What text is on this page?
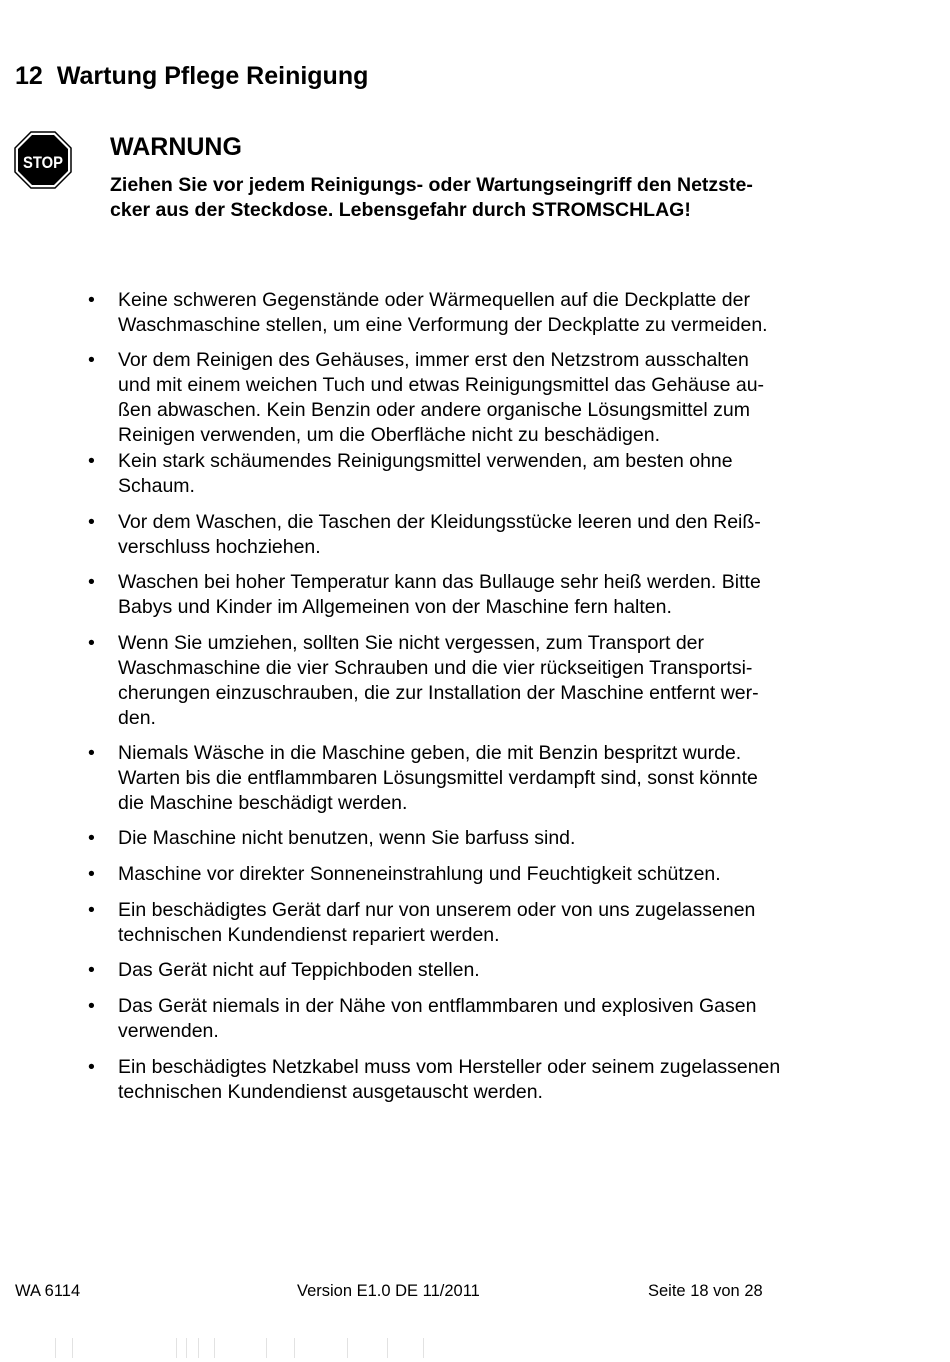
12 Wartung Pflege Reinigung
STOP
WARNUNG

Ziehen Sie vor jedem Reinigungs- oder Wartungseingriff den Netzste-
cker aus der Steckdose. Lebensgefahr durch STROMSCHLAG!

• Keine schweren Gegenstände oder Wärmequellen auf die Deckplatte der
Waschmaschine stellen, um eine Verformung der Deckplatte zu vermeiden.
• Vor dem Reinigen des Gehäuses, immer erst den Netzstrom ausschalten
und mit einem weichen Tuch und etwas Reinigungsmittel das Gehäuse au-
ßen abwaschen. Kein Benzin oder andere organische Lösungsmittel zum
Reinigen verwenden, um die Oberfläche nicht zu beschädigen.
• Kein stark schäumendes Reinigungsmittel verwenden, am besten ohne
Schaum.
• Vor dem Waschen, die Taschen der Kleidungsstücke leeren und den Reiß-
verschluss hochziehen.
• Waschen bei hoher Temperatur kann das Bullauge sehr heiß werden. Bitte
Babys und Kinder im Allgemeinen von der Maschine fern halten.
• Wenn Sie umziehen, sollten Sie nicht vergessen, zum Transport der
Waschmaschine die vier Schrauben und die vier rückseitigen Transportsi-
cherungen einzuschrauben, die zur Installation der Maschine entfernt wer-
den.
• Niemals Wäsche in die Maschine geben, die mit Benzin bespritzt wurde.
Warten bis die entflammbaren Lösungsmittel verdampft sind, sonst könnte
die Maschine beschädigt werden.
• Die Maschine nicht benutzen, wenn Sie barfuss sind.
• Maschine vor direkter Sonneneinstrahlung und Feuchtigkeit schützen.
• Ein beschädigtes Gerät darf nur von unserem oder von uns zugelassenen
technischen Kundendienst repariert werden.
• Das Gerät nicht auf Teppichboden stellen.
• Das Gerät niemals in der Nähe von entflammbaren und explosiven Gasen
verwenden.
• Ein beschädigtes Netzkabel muss vom Hersteller oder seinem zugelassenen
technischen Kundendienst ausgetauscht werden.

WA 6114	Version E1.0 DE 11/2011	Seite 18 von 28
